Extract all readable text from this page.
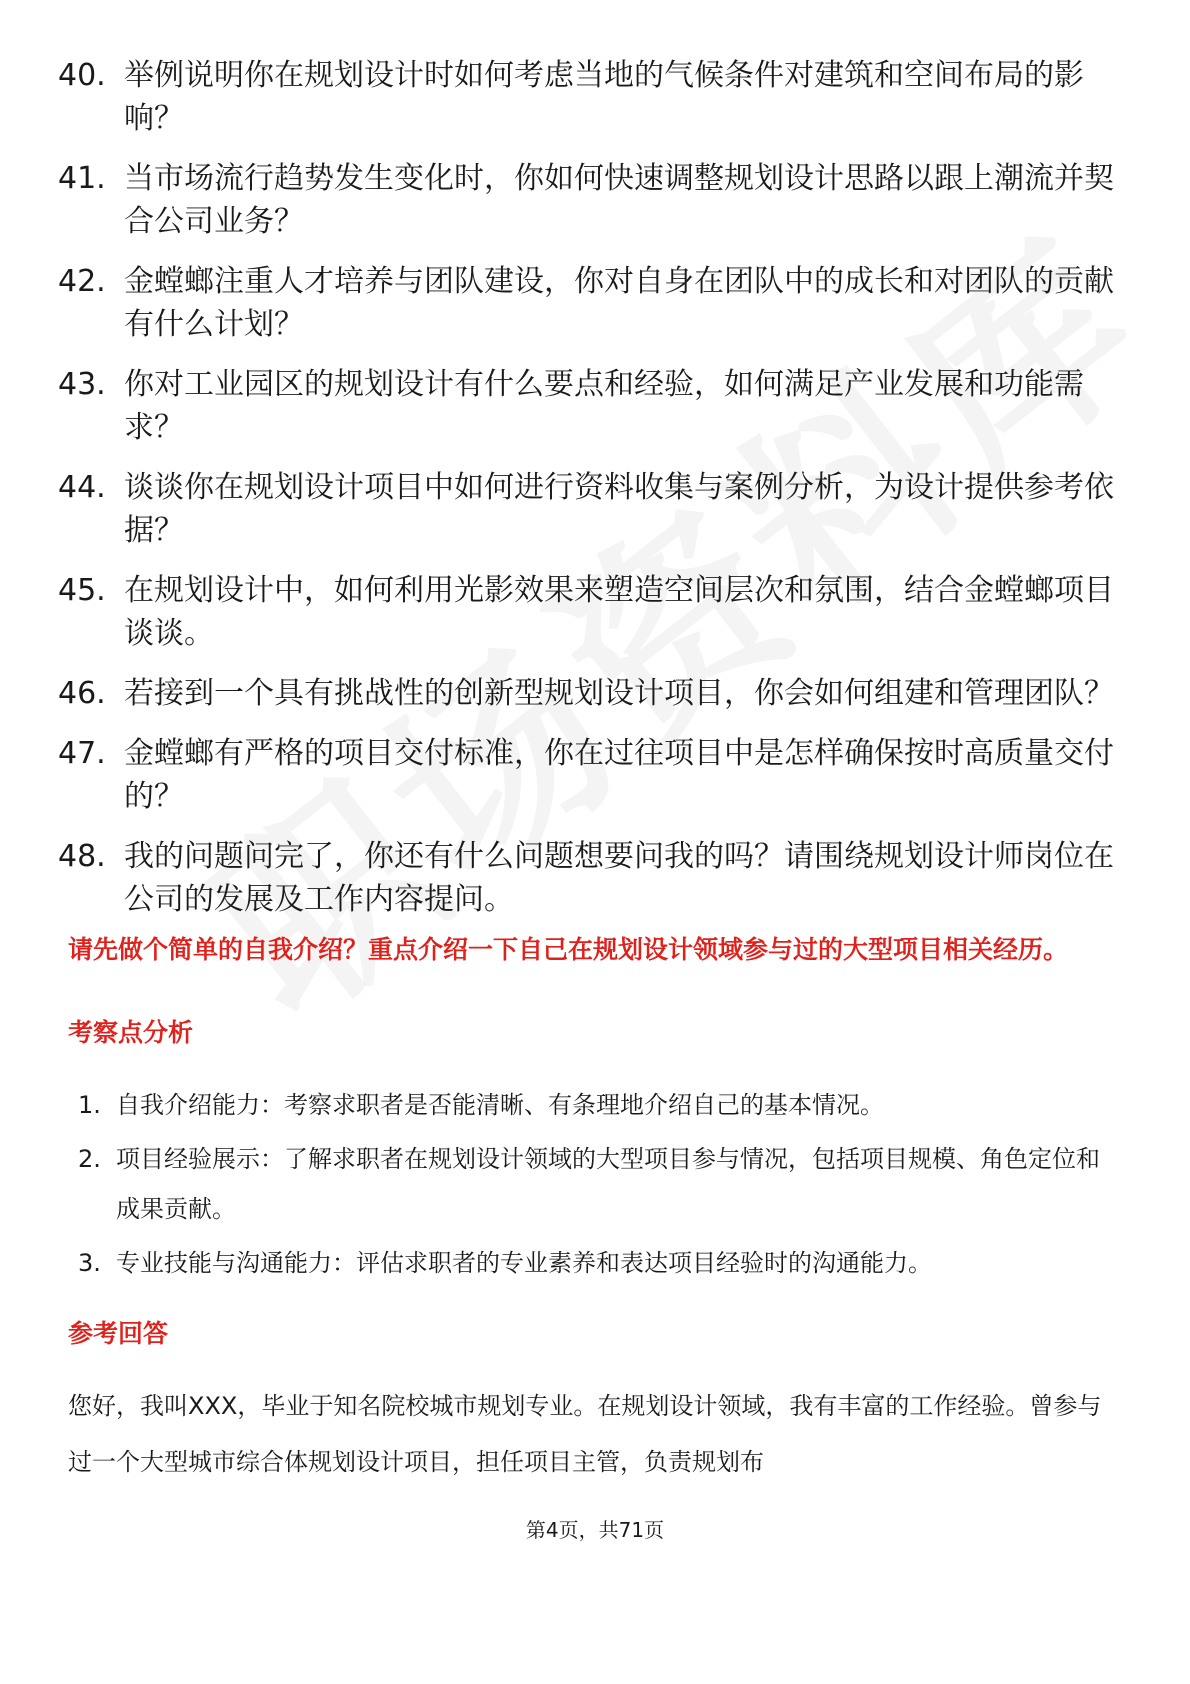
40. 举例说明你在规划设计时如何考虑当地的气候条件对建筑和空间布局的影响？
41. 当市场流行趋势发生变化时，你如何快速调整规划设计思路以跟上潮流并契合公司业务？
42. 金螳螂注重人才培养与团队建设，你对自身在团队中的成长和对团队的贡献有什么计划？
43. 你对工业园区的规划设计有什么要点和经验，如何满足产业发展和功能需求？
44. 谈谈你在规划设计项目中如何进行资料收集与案例分析，为设计提供参考依据？
45. 在规划设计中，如何利用光影效果来塑造空间层次和氛围，结合金螳螂项目谈谈。
46. 若接到一个具有挑战性的创新型规划设计项目，你会如何组建和管理团队？
47. 金螳螂有严格的项目交付标准，你在过往项目中是怎样确保按时高质量交付的？
48. 我的问题问完了，你还有什么问题想要问我的吗？请围绕规划设计师岗位在公司的发展及工作内容提问。
请先做个简单的自我介绍？重点介绍一下自己在规划设计领域参与过的大型项目相关经历。
考察点分析
1. 自我介绍能力：考察求职者是否能清晰、有条理地介绍自己的基本情况。
2. 项目经验展示：了解求职者在规划设计领域的大型项目参与情况，包括项目规模、角色定位和成果贡献。
3. 专业技能与沟通能力：评估求职者的专业素养和表达项目经验时的沟通能力。
参考回答
您好，我叫XXX，毕业于知名院校城市规划专业。在规划设计领域，我有丰富的工作经验。曾参与过一个大型城市综合体规划设计项目，担任项目主管，负责规划布
第4页，共71页
